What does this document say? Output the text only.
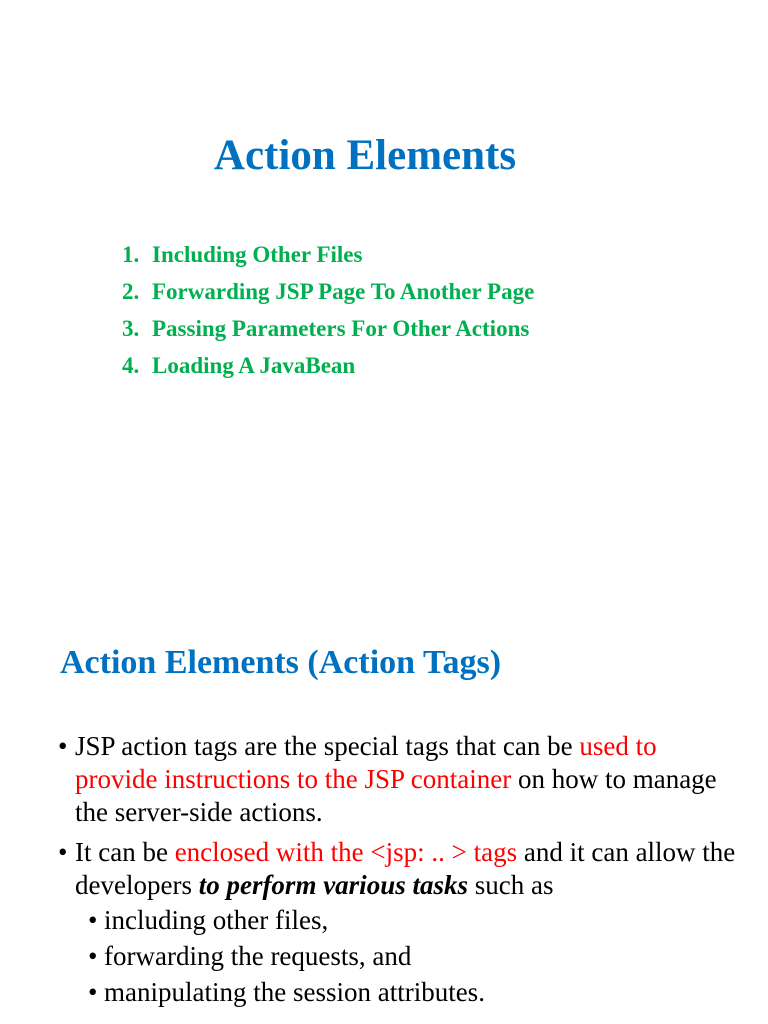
Action Elements
1. Including Other Files
2. Forwarding JSP Page To Another Page
3. Passing Parameters For Other Actions
4. Loading A JavaBean
Action Elements (Action Tags)
• JSP action tags are the special tags that can be used to provide instructions to the JSP container on how to manage the server-side actions.
• It can be enclosed with the <jsp: .. > tags and it can allow the developers to perform various tasks such as
• including other files,
• forwarding the requests, and
• manipulating the session attributes.
